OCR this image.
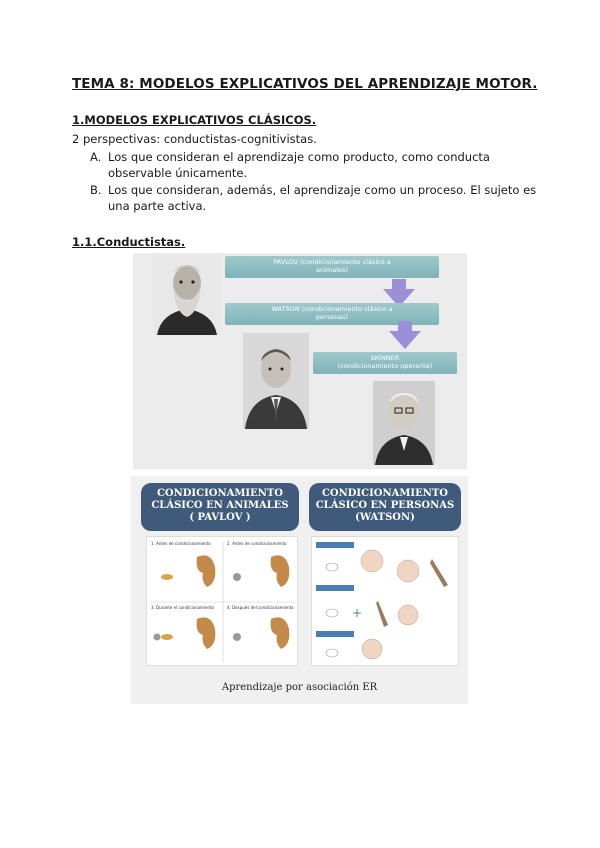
TEMA 8: MODELOS EXPLICATIVOS DEL APRENDIZAJE MOTOR.
1.MODELOS EXPLICATIVOS CLÁSICOS.
2 perspectivas: conductistas-cognitivistas.
A. Los que consideran el aprendizaje como producto, como conducta observable únicamente.
B. Los que consideran, además, el aprendizaje como un proceso. El sujeto es una parte activa.
1.1.Conductistas.
PAVLOV (condicionamiento clásico a
animales)
WATSON (condicionamiento clásico a
personas)
SKINNER
(condicionamiento operante)
CONDICIONAMIENTO
CLÁSICO EN ANIMALES
( PAVLOV )
CONDICIONAMIENTO
CLÁSICO EN PERSONAS
(WATSON)
1. Antes de condicionamiento	2. Antes de condicionamiento
3. Durante el condicionamiento	4. Después del condicionamiento	+
Aprendizaje por asociación ER
